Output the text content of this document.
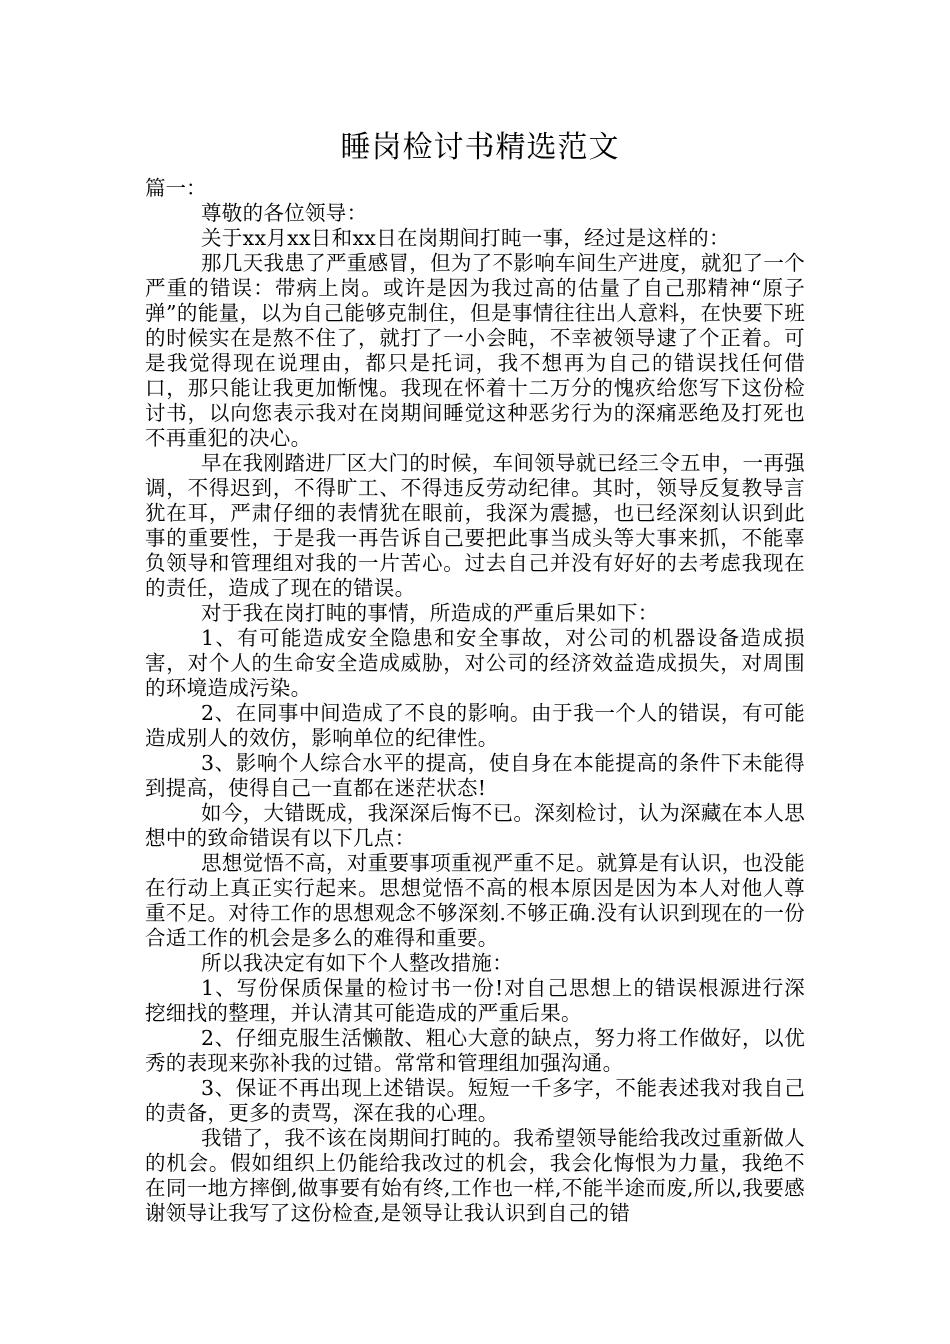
睡岗检讨书精选范文

篇一：

尊敬的各位领导：

关于xx月xx日和xx日在岗期间打盹一事，经过是这样的：

那几天我患了严重感冒，但为了不影响车间生产进度，就犯了一个严重的错误：带病上岗。或许是因为我过高的估量了自己那精神“原子弹”的能量，以为自己能够克制住，但是事情往往出人意料，在快要下班的时候实在是熬不住了，就打了一小会盹，不幸被领导逮了个正着。可是我觉得现在说理由，都只是托词，我不想再为自己的错误找任何借口，那只能让我更加惭愧。我现在怀着十二万分的愧疚给您写下这份检讨书，以向您表示我对在岗期间睡觉这种恶劣行为的深痛恶绝及打死也不再重犯的决心。

早在我刚踏进厂区大门的时候，车间领导就已经三令五申，一再强调，不得迟到，不得旷工、不得违反劳动纪律。其时，领导反复教导言犹在耳，严肃仔细的表情犹在眼前，我深为震撼，也已经深刻认识到此事的重要性，于是我一再告诉自己要把此事当成头等大事来抓，不能辜负领导和管理组对我的一片苦心。过去自己并没有好好的去考虑我现在的责任，造成了现在的错误。

对于我在岗打盹的事情，所造成的严重后果如下：

1、有可能造成安全隐患和安全事故，对公司的机器设备造成损害，对个人的生命安全造成威胁，对公司的经济效益造成损失，对周围的环境造成污染。

2、在同事中间造成了不良的影响。由于我一个人的错误，有可能造成别人的效仿，影响单位的纪律性。

3、影响个人综合水平的提高，使自身在本能提高的条件下未能得到提高，使得自己一直都在迷茫状态!

如今，大错既成，我深深后悔不已。深刻检讨，认为深藏在本人思想中的致命错误有以下几点：

思想觉悟不高，对重要事项重视严重不足。就算是有认识，也没能在行动上真正实行起来。思想觉悟不高的根本原因是因为本人对他人尊重不足。对待工作的思想观念不够深刻.不够正确.没有认识到现在的一份合适工作的机会是多么的难得和重要。

所以我决定有如下个人整改措施：

1、写份保质保量的检讨书一份!对自己思想上的错误根源进行深挖细找的整理，并认清其可能造成的严重后果。

2、仔细克服生活懒散、粗心大意的缺点，努力将工作做好，以优秀的表现来弥补我的过错。常常和管理组加强沟通。

3、保证不再出现上述错误。短短一千多字，不能表述我对我自己的责备，更多的责骂，深在我的心理。

我错了，我不该在岗期间打盹的。我希望领导能给我改过重新做人的机会。假如组织上仍能给我改过的机会，我会化悔恨为力量，我绝不在同一地方摔倒,做事要有始有终,工作也一样,不能半途而废,所以,我要感谢领导让我写了这份检查,是领导让我认识到自己的错
